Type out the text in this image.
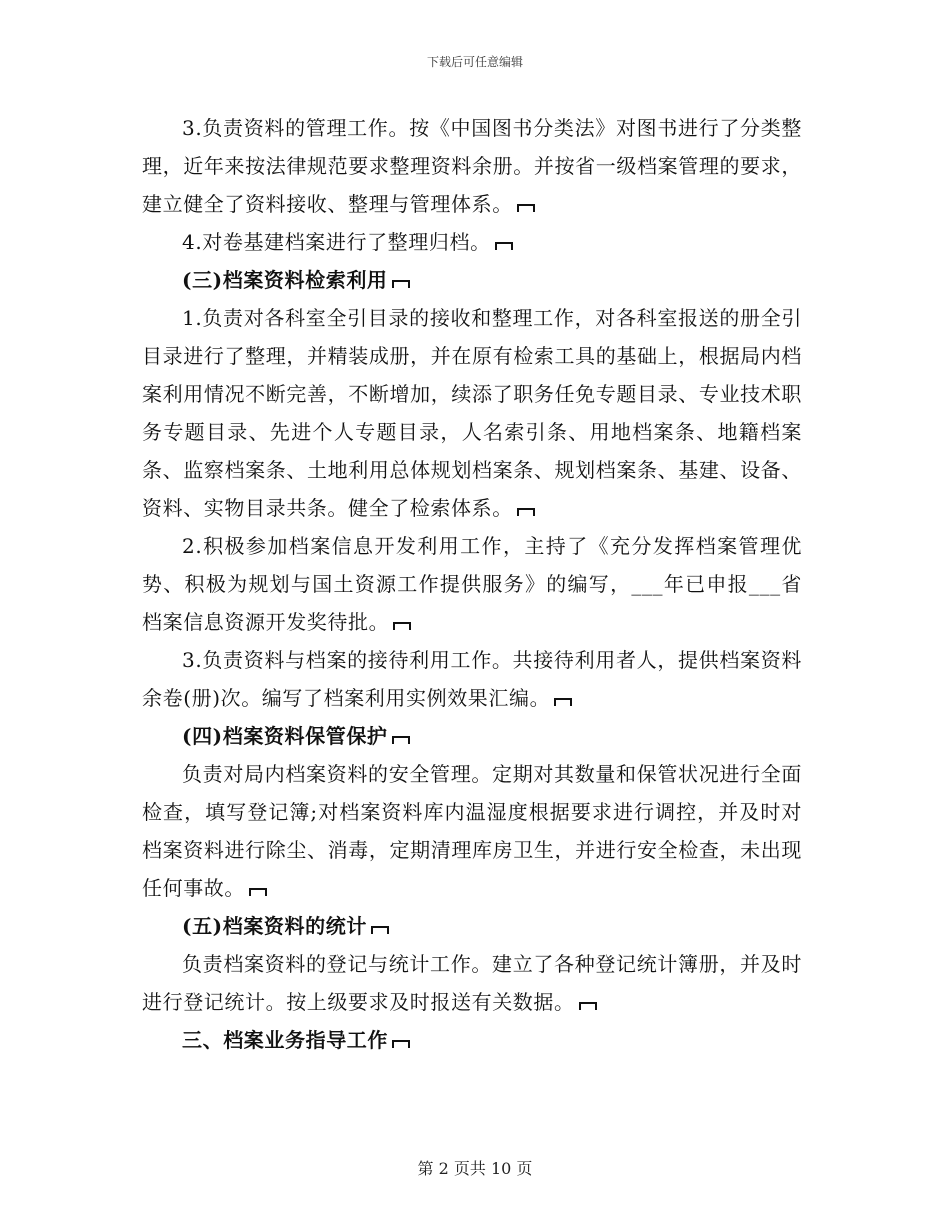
下载后可任意编辑

3.负责资料的管理工作。按《中国图书分类法》对图书进行了分类整理，近年来按法律规范要求整理资料余册。并按省一级档案管理的要求，建立健全了资料接收、整理与管理体系。

4.对卷基建档案进行了整理归档。

(三)档案资料检索利用

1.负责对各科室全引目录的接收和整理工作，对各科室报送的册全引目录进行了整理，并精装成册，并在原有检索工具的基础上，根据局内档案利用情况不断完善，不断增加，续添了职务任免专题目录、专业技术职务专题目录、先进个人专题目录，人名索引条、用地档案条、地籍档案条、监察档案条、土地利用总体规划档案条、规划档案条、基建、设备、资料、实物目录共条。健全了检索体系。

2.积极参加档案信息开发利用工作，主持了《充分发挥档案管理优势、积极为规划与国土资源工作提供服务》的编写，___年已申报___省档案信息资源开发奖待批。

3.负责资料与档案的接待利用工作。共接待利用者人，提供档案资料余卷(册)次。编写了档案利用实例效果汇编。

(四)档案资料保管保护

负责对局内档案资料的安全管理。定期对其数量和保管状况进行全面检查，填写登记簿;对档案资料库内温湿度根据要求进行调控，并及时对档案资料进行除尘、消毒，定期清理库房卫生，并进行安全检查，未出现任何事故。

(五)档案资料的统计

负责档案资料的登记与统计工作。建立了各种登记统计簿册，并及时进行登记统计。按上级要求及时报送有关数据。

三、档案业务指导工作

第 2 页共 10 页
